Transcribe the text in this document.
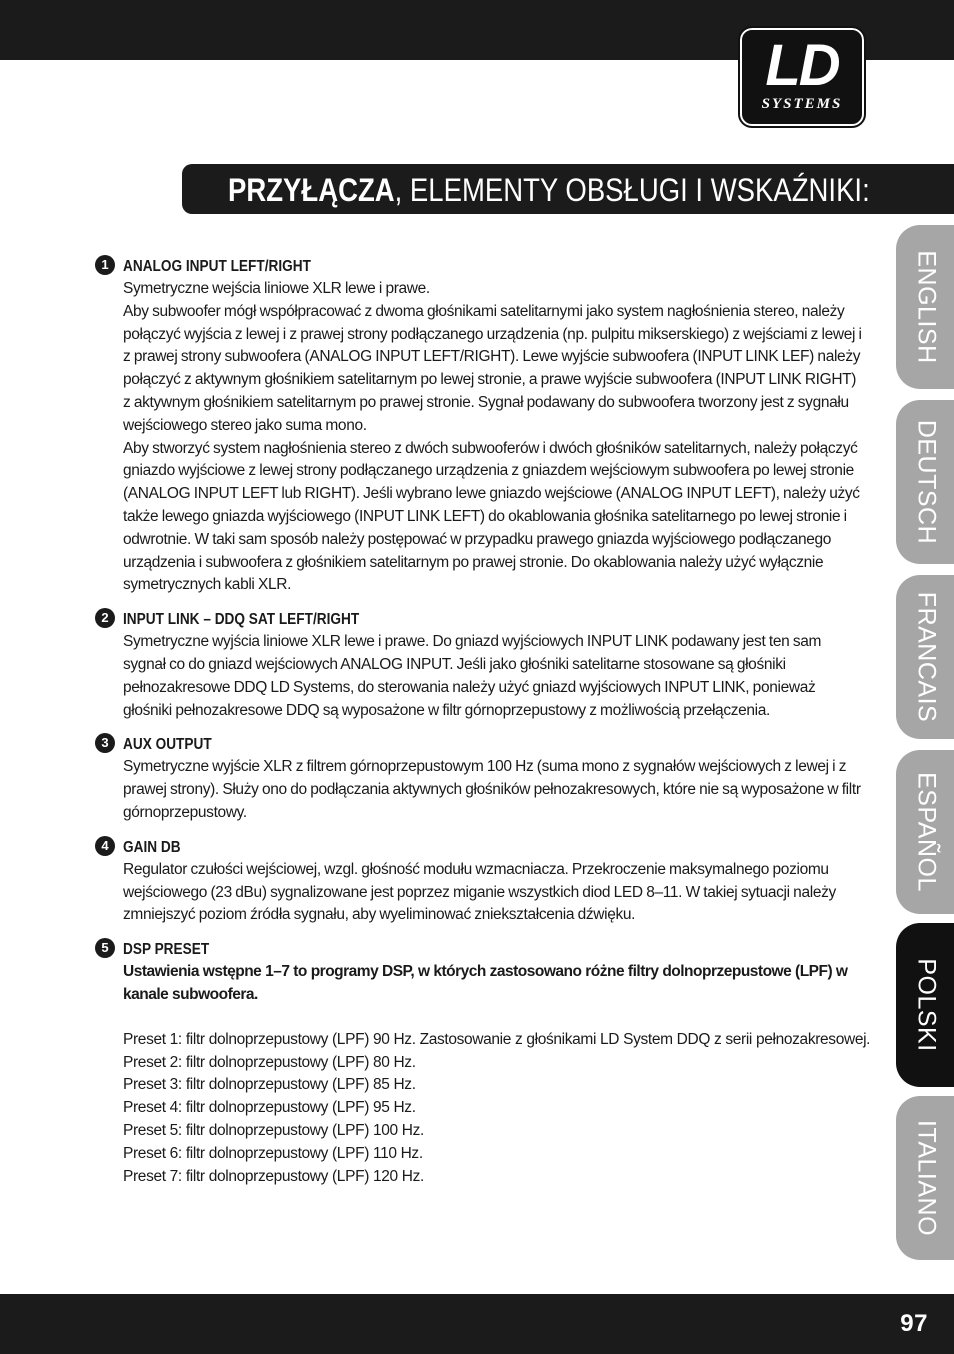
LD
SYSTEMS
PRZYŁĄCZA, ELEMENTY OBSŁUGI I WSKAŹNIKI:
1 ANALOG INPUT LEFT/RIGHT

Symetryczne wejścia liniowe XLR lewe i prawe.

Aby subwoofer mógł współpracować z dwoma głośnikami satelitarnymi jako system nagłośnienia stereo, należy połączyć wyjścia z lewej i z prawej strony podłączanego urządzenia (np. pulpitu mikserskiego) z wejściami z lewej i z prawej strony subwoofera (ANALOG INPUT LEFT/RIGHT). Lewe wyjście subwoofera (INPUT LINK LEF) należy połączyć z aktywnym głośnikiem satelitarnym po lewej stronie, a prawe wyjście subwoofera (INPUT LINK RIGHT) z aktywnym głośnikiem satelitarnym po prawej stronie. Sygnał podawany do subwoofera tworzony jest z sygnału wejściowego stereo jako suma mono.

Aby stworzyć system nagłośnienia stereo z dwóch subwooferów i dwóch głośników satelitarnych, należy połączyć gniazdo wyjściowe z lewej strony podłączanego urządzenia z gniazdem wejściowym subwoofera po lewej stronie (ANALOG INPUT LEFT lub RIGHT). Jeśli wybrano lewe gniazdo wejściowe (ANALOG INPUT LEFT), należy użyć także lewego gniazda wyjściowego (INPUT LINK LEFT) do okablowania głośnika satelitarnego po lewej stronie i odwrotnie. W taki sam sposób należy postępować w przypadku prawego gniazda wyjściowego podłączanego urządzenia i subwoofera z głośnikiem satelitarnym po prawej stronie. Do okablowania należy użyć wyłącznie symetrycznych kabli XLR.

2 INPUT LINK – DDQ SAT LEFT/RIGHT

Symetryczne wyjścia liniowe XLR lewe i prawe. Do gniazd wyjściowych INPUT LINK podawany jest ten sam sygnał co do gniazd wejściowych ANALOG INPUT. Jeśli jako głośniki satelitarne stosowane są głośniki pełnozakresowe DDQ LD Systems, do sterowania należy użyć gniazd wyjściowych INPUT LINK, ponieważ głośniki pełnozakresowe DDQ są wyposażone w filtr górnoprzepustowy z możliwością przełączenia.

3 AUX OUTPUT

Symetryczne wyjście XLR z filtrem górnoprzepustowym 100 Hz (suma mono z sygnałów wejściowych z lewej i z prawej strony). Służy ono do podłączania aktywnych głośników pełnozakresowych, które nie są wyposażone w filtr górnoprzepustowy.

4 GAIN DB

Regulator czułości wejściowej, wzgl. głośność modułu wzmacniacza. Przekroczenie maksymalnego poziomu wejściowego (23 dBu) sygnalizowane jest poprzez miganie wszystkich diod LED 8–11. W takiej sytuacji należy zmniejszyć poziom źródła sygnału, aby wyeliminować zniekształcenia dźwięku.

5 DSP PRESET

Ustawienia wstępne 1–7 to programy DSP, w których zastosowano różne filtry dolnoprzepustowe (LPF) w kanale subwoofera.

Preset 1: filtr dolnoprzepustowy (LPF) 90 Hz. Zastosowanie z głośnikami LD System DDQ z serii pełnozakresowej.
Preset 2: filtr dolnoprzepustowy (LPF) 80 Hz.
Preset 3: filtr dolnoprzepustowy (LPF) 85 Hz.
Preset 4: filtr dolnoprzepustowy (LPF) 95 Hz.
Preset 5: filtr dolnoprzepustowy (LPF) 100 Hz.
Preset 6: filtr dolnoprzepustowy (LPF) 110 Hz.
Preset 7: filtr dolnoprzepustowy (LPF) 120 Hz.
ENGLISH
DEUTSCH
FRANCAIS
ESPAÑOL
POLSKI
ITALIANO
97
